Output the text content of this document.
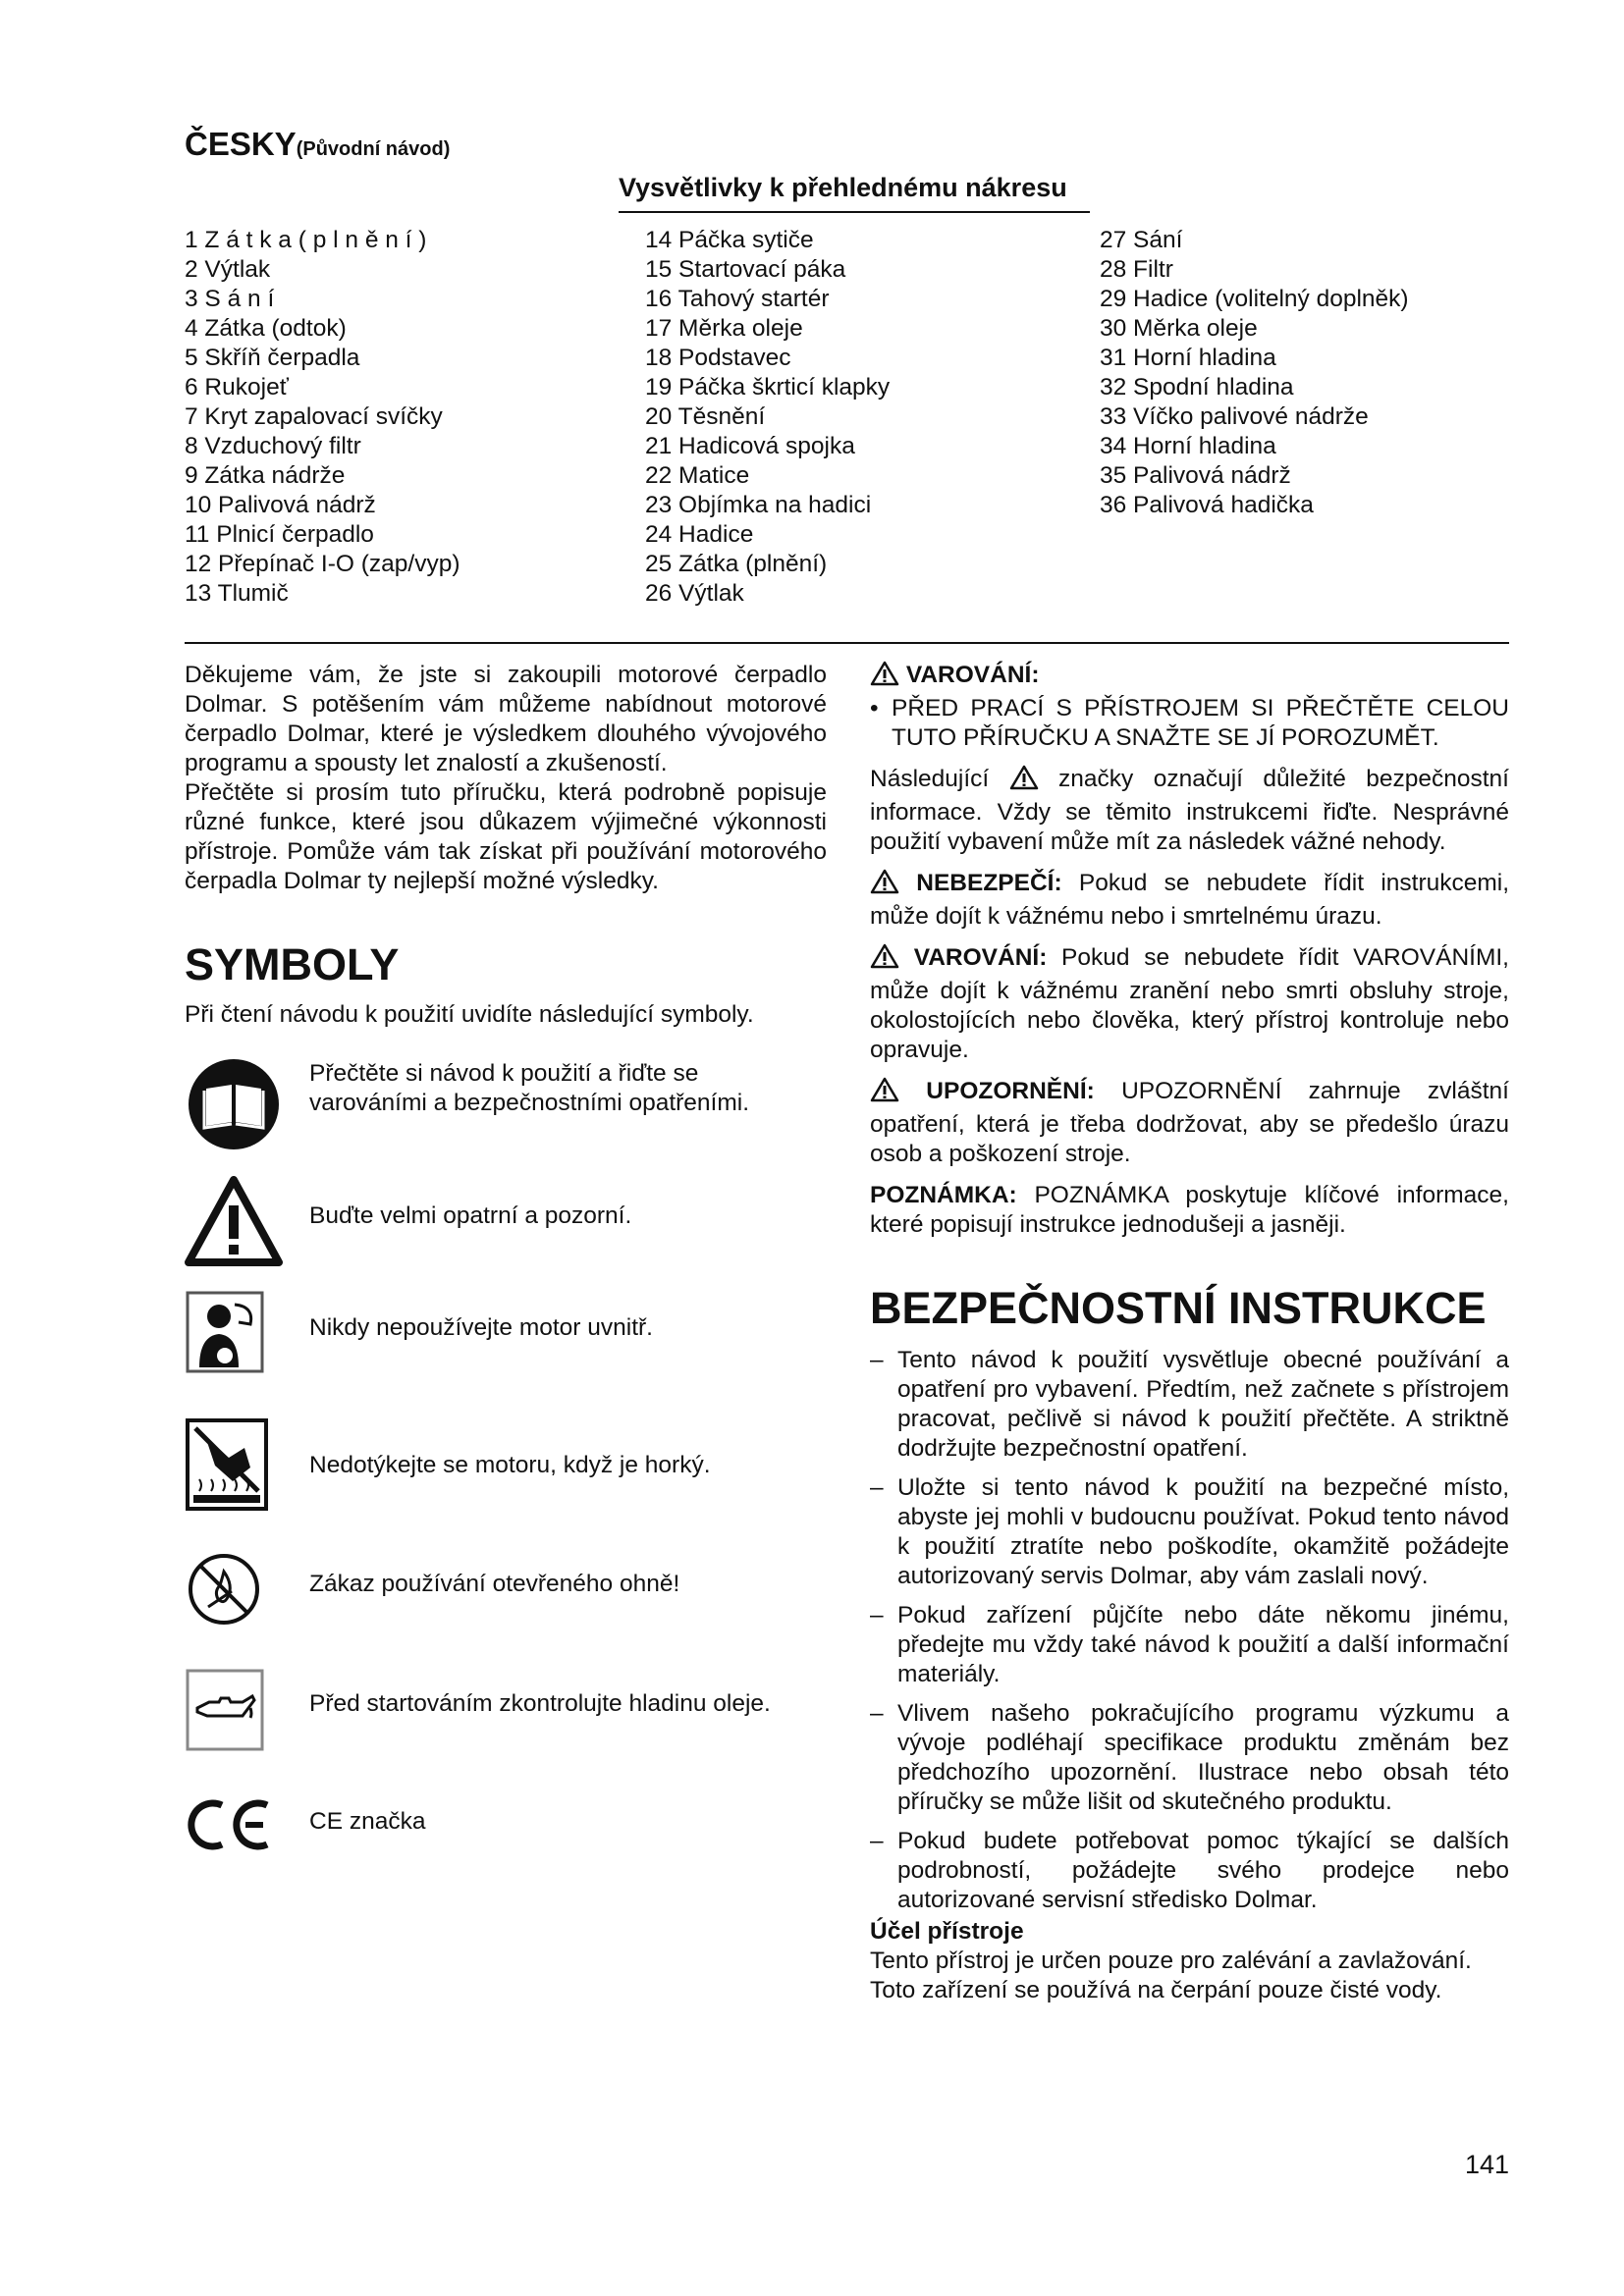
ČESKY(Původní návod)
Vysvětlivky k přehlednému nákresu
1 Z á t k a ( p l n ě n í )
2 Výtlak
3 S á n í
4 Zátka (odtok)
5 Skříň čerpadla
6 Rukojeť
7 Kryt zapalovací svíčky
8 Vzduchový filtr
9 Zátka nádrže
10 Palivová nádrž
11 Plnicí čerpadlo
12 Přepínač I-O (zap/vyp)
13 Tlumič
14 Páčka sytiče
15 Startovací páka
16 Tahový startér
17 Měrka oleje
18 Podstavec
19 Páčka škrticí klapky
20 Těsnění
21 Hadicová spojka
22 Matice
23 Objímka na hadici
24 Hadice
25 Zátka (plnění)
26 Výtlak
27 Sání
28 Filtr
29 Hadice (volitelný doplněk)
30 Měrka oleje
31 Horní hladina
32 Spodní hladina
33 Víčko palivové nádrže
34 Horní hladina
35 Palivová nádrž
36 Palivová hadička

Děkujeme vám, že jste si zakoupili motorové čerpadlo Dolmar. S potěšením vám můžeme nabídnout motorové čerpadlo Dolmar, které je výsledkem dlouhého vývojového programu a spousty let znalostí a zkušeností.

Přečtěte si prosím tuto příručku, která podrobně popisuje různé funkce, které jsou důkazem výjimečné výkonnosti přístroje. Pomůže vám tak získat při používání motorového čerpadla Dolmar ty nejlepší možné výsledky.

SYMBOLY

Při čtení návodu k použití uvidíte následující symboly.

Přečtěte si návod k použití a řiďte se varováními a bezpečnostními opatřeními.
Buďte velmi opatrní a pozorní.
Nikdy nepoužívejte motor uvnitř.
Nedotýkejte se motoru, když je horký.
Zákaz používání otevřeného ohně!
Před startováním zkontrolujte hladinu oleje.
CE značka
VAROVÁNÍ:
• PŘED PRACÍ S PŘÍSTROJEM SI PŘEČTĚTE CELOU TUTO PŘÍRUČKU A SNAŽTE SE JÍ POROZUMĚT.

Následující	značky označují důležité bezpečnostní informace. Vždy se těmito instrukcemi řiďte. Nesprávné použití vybavení může mít za následek vážné nehody.

NEBEZPEČÍ: Pokud se nebudete řídit instrukcemi, může dojít k vážnému nebo i smrtelnému úrazu.

VAROVÁNÍ: Pokud se nebudete řídit VAROVÁNÍMI, může dojít k vážnému zranění nebo smrti obsluhy stroje, okolostojících nebo člověka, který přístroj kontroluje nebo opravuje.

UPOZORNĚNÍ: UPOZORNĚNÍ zahrnuje zvláštní opatření, která je třeba dodržovat, aby se předešlo úrazu osob a poškození stroje.

POZNÁMKA: POZNÁMKA poskytuje klíčové informace, které popisují instrukce jednodušeji a jasněji.

BEZPEČNOSTNÍ INSTRUKCE
– Tento návod k použití vysvětluje obecné používání a opatření pro vybavení. Předtím, než začnete s přístrojem pracovat, pečlivě si návod k použití přečtěte. A striktně dodržujte bezpečnostní opatření.
– Uložte si tento návod k použití na bezpečné místo, abyste jej mohli v budoucnu používat. Pokud tento návod k použití ztratíte nebo poškodíte, okamžitě požádejte autorizovaný servis Dolmar, aby vám zaslali nový.
– Pokud zařízení půjčíte nebo dáte někomu jinému, předejte mu vždy také návod k použití a další informační materiály.
– Vlivem našeho pokračujícího programu výzkumu a vývoje podléhají specifikace produktu změnám bez předchozího upozornění. Ilustrace nebo obsah této příručky se může lišit od skutečného produktu.
– Pokud budete potřebovat pomoc týkající se dalších podrobností, požádejte svého prodejce nebo autorizované servisní středisko Dolmar.
Účel přístroje

Tento přístroj je určen pouze pro zalévání a zavlažování. Toto zařízení se používá na čerpání pouze čisté vody.

141
